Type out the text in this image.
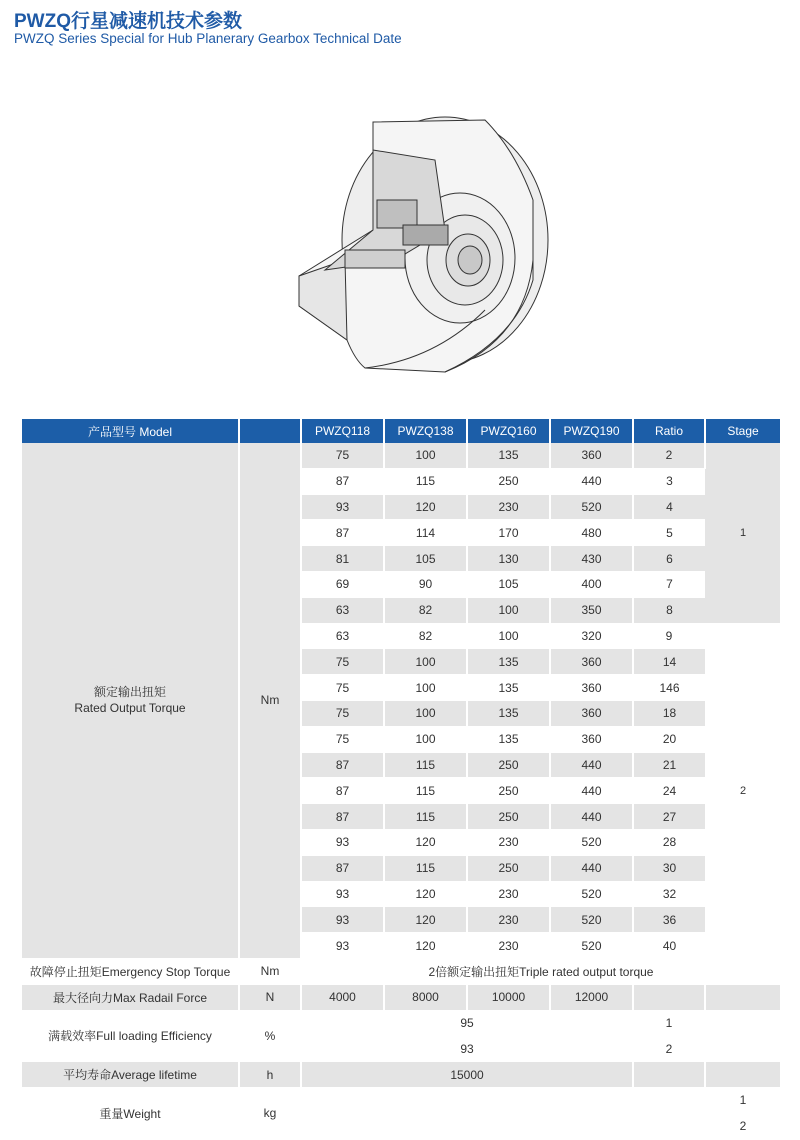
PWZQ行星减速机技术参数
PWZQ Series Special for Hub Planerary Gearbox Technical Date
产品型号 Model		PWZQ118	PWZQ138	PWZQ160	PWZQ190	Ratio	Stage
额定输出扭矩
Rated Output Torque	Nm	75	100	135	360	2	1
		87	115	250	440	3	
		93	120	230	520	4	
		87	114	170	480	5	
		81	105	130	430	6	
		69	90	105	400	7	
		63	82	100	350	8	
		63	82	100	320	9	2
		75	100	135	360	14	
		75	100	135	360	146	
		75	100	135	360	18	
		75	100	135	360	20	
		87	115	250	440	21	
		87	115	250	440	24	
		87	115	250	440	27	
		93	120	230	520	28	
		87	115	250	440	30	
		93	120	230	520	32	
		93	120	230	520	36	
		93	120	230	520	40	
故障停止扭矩Emergency Stop Torque	Nm	2倍额定输出扭矩Triple rated output torque					
最大径向力Max Radail Force	N	4000	8000	10000	12000		
满载效率Full loading Efficiency	%	95				1	
		93				2	
平均寿命Average lifetime	h	15000					
重量Weight	kg						1
							2
